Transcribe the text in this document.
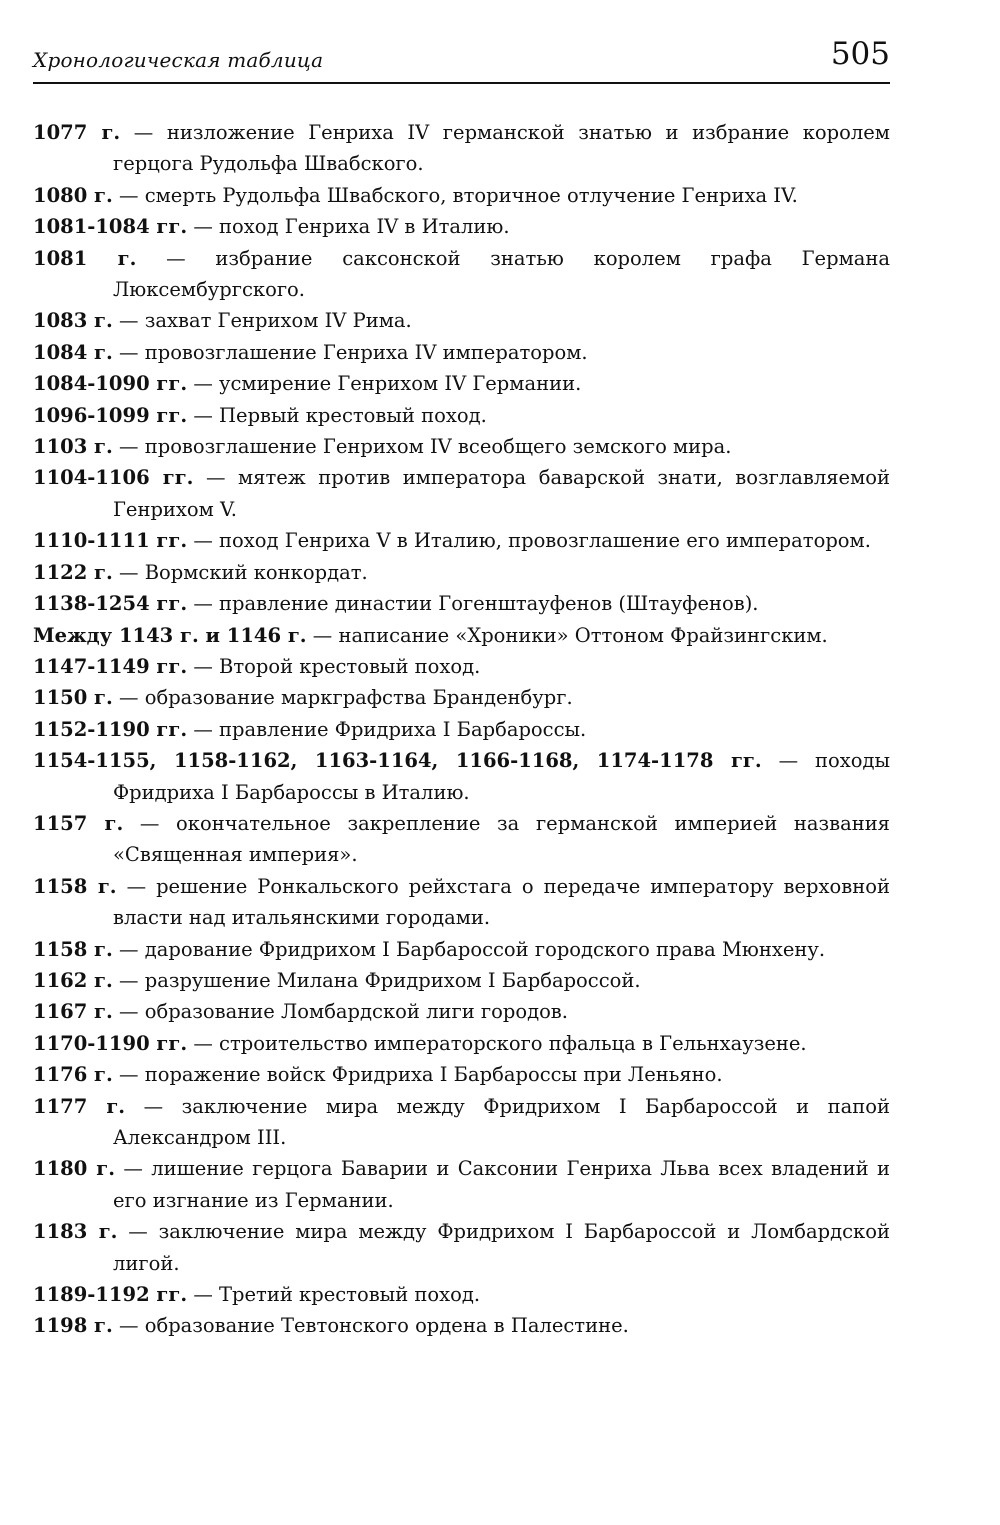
Хронологическая таблица	505
1077 г. — низложение Генриха IV германской знатью и избрание королем герцога Рудольфа Швабского.
1080 г. — смерть Рудольфа Швабского, вторичное отлучение Генриха IV.
1081-1084 гг. — поход Генриха IV в Италию.
1081 г. — избрание саксонской знатью королем графа Германа Люксембургского.
1083 г. — захват Генрихом IV Рима.
1084 г. — провозглашение Генриха IV императором.
1084-1090 гг. — усмирение Генрихом IV Германии.
1096-1099 гг. — Первый крестовый поход.
1103 г. — провозглашение Генрихом IV всеобщего земского мира.
1104-1106 гг. — мятеж против императора баварской знати, возглавляемой Генрихом V.
1110-1111 гг. — поход Генриха V в Италию, провозглашение его императором.
1122 г. — Вормский конкордат.
1138-1254 гг. — правление династии Гогенштауфенов (Штауфенов).
Между 1143 г. и 1146 г. — написание «Хроники» Оттоном Фрайзингским.
1147-1149 гг. — Второй крестовый поход.
1150 г. — образование маркграфства Бранденбург.
1152-1190 гг. — правление Фридриха I Барбароссы.
1154-1155, 1158-1162, 1163-1164, 1166-1168, 1174-1178 гг. — походы Фридриха I Барбароссы в Италию.
1157 г. — окончательное закрепление за германской империей названия «Священная империя».
1158 г. — решение Ронкальского рейхстага о передаче императору верховной власти над итальянскими городами.
1158 г. — дарование Фридрихом I Барбароссой городского права Мюнхену.
1162 г. — разрушение Милана Фридрихом I Барбароссой.
1167 г. — образование Ломбардской лиги городов.
1170-1190 гг. — строительство императорского пфальца в Гельнхаузене.
1176 г. — поражение войск Фридриха I Барбароссы при Леньяно.
1177 г. — заключение мира между Фридрихом I Барбароссой и папой Александром III.
1180 г. — лишение герцога Баварии и Саксонии Генриха Льва всех владений и его изгнание из Германии.
1183 г. — заключение мира между Фридрихом I Барбароссой и Ломбардской лигой.
1189-1192 гг. — Третий крестовый поход.
1198 г. — образование Тевтонского ордена в Палестине.
